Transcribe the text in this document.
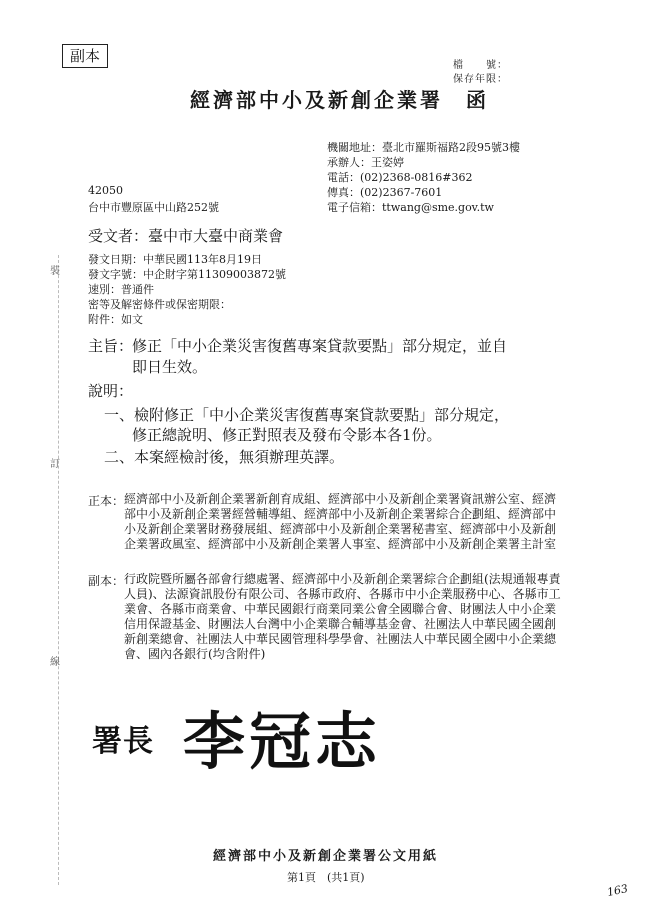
副本
檔　　號：
保存年限：
經濟部中小及新創企業署　函
機關地址：臺北市羅斯福路2段95號3樓
承辦人：王姿婷
電話：(02)2368-0816#362
傳真：(02)2367-7601
電子信箱：ttwang@sme.gov.tw
42050
台中市豐原區中山路252號
受文者：臺中市大臺中商業會
發文日期：中華民國113年8月19日
發文字號：中企財字第11309003872號
速別：普通件
密等及解密條件或保密期限：
附件：如文
主旨：
修正「中小企業災害復舊專案貸款要點」部分規定，並自
即日生效。
說明：
一、檢附修正「中小企業災害復舊專案貸款要點」部分規定，
修正總說明、修正對照表及發布令影本各1份。
二、本案經檢討後，無須辦理英譯。
正本： 經濟部中小及新創企業署新創育成組、經濟部中小及新創企業署資訊辦公室、經濟部中小及新創企業署經營輔導組、經濟部中小及新創企業署綜合企劃組、經濟部中小及新創企業署財務發展組、經濟部中小及新創企業署秘書室、經濟部中小及新創企業署政風室、經濟部中小及新創企業署人事室、經濟部中小及新創企業署主計室
副本： 行政院暨所屬各部會行總處署、經濟部中小及新創企業署綜合企劃組(法規通報專責人員)、法源資訊股份有限公司、各縣市政府、各縣市中小企業服務中心、各縣市工業會、各縣市商業會、中華民國銀行商業同業公會全國聯合會、財團法人中小企業信用保證基金、財團法人台灣中小企業聯合輔導基金會、社團法人中華民國全國創新創業總會、社團法人中華民國管理科學學會、社團法人中華民國全國中小企業總會、國內各銀行(均含附件)
裝
訂
線
署長 李冠志
經濟部中小及新創企業署公文用紙
第1頁　(共1頁)
163
